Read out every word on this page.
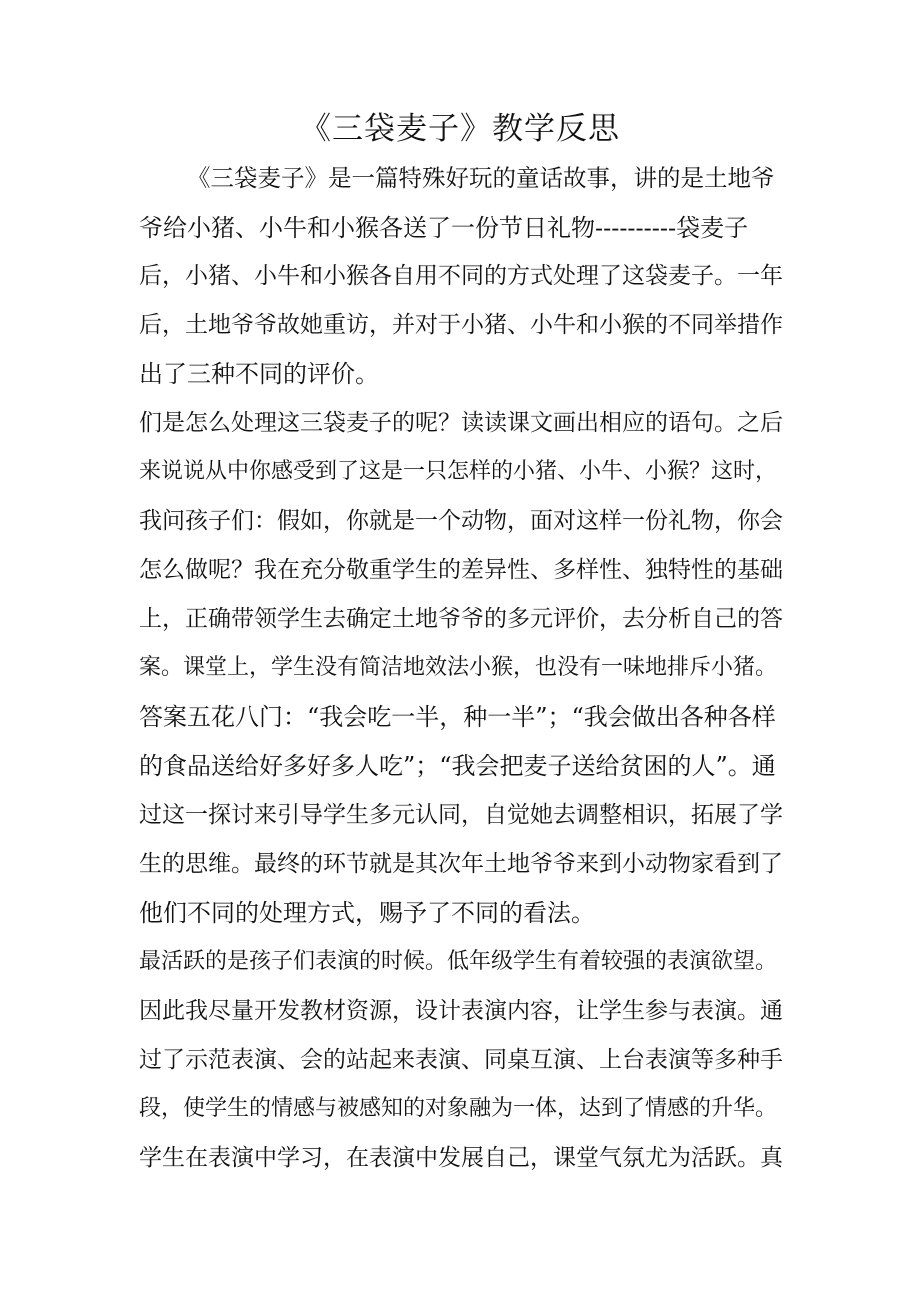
《三袋麦子》教学反思
《三袋麦子》是一篇特殊好玩的童话故事，讲的是土地爷
爷给小猪、小牛和小猴各送了一份节日礼物----------袋麦子
后，小猪、小牛和小猴各自用不同的方式处理了这袋麦子。一年
后，土地爷爷故她重访，并对于小猪、小牛和小猴的不同举措作
出了三种不同的评价。
们是怎么处理这三袋麦子的呢？读读课文画出相应的语句。之后
来说说从中你感受到了这是一只怎样的小猪、小牛、小猴？这时，
我问孩子们：假如，你就是一个动物，面对这样一份礼物，你会
怎么做呢？我在充分敬重学生的差异性、多样性、独特性的基础
上，正确带领学生去确定土地爷爷的多元评价，去分析自己的答
案。课堂上，学生没有简洁地效法小猴，也没有一味地排斥小猪。
答案五花八门：“我会吃一半，种一半”；“我会做出各种各样
的食品送给好多好多人吃”；“我会把麦子送给贫困的人”。通
过这一探讨来引导学生多元认同，自觉她去调整相识，拓展了学
生的思维。最终的环节就是其次年土地爷爷来到小动物家看到了
他们不同的处理方式，赐予了不同的看法。
最活跃的是孩子们表演的时候。低年级学生有着较强的表演欲望。
因此我尽量开发教材资源，设计表演内容，让学生参与表演。通
过了示范表演、会的站起来表演、同桌互演、上台表演等多种手
段，使学生的情感与被感知的对象融为一体，达到了情感的升华。
学生在表演中学习，在表演中发展自己，课堂气氛尤为活跃。真
